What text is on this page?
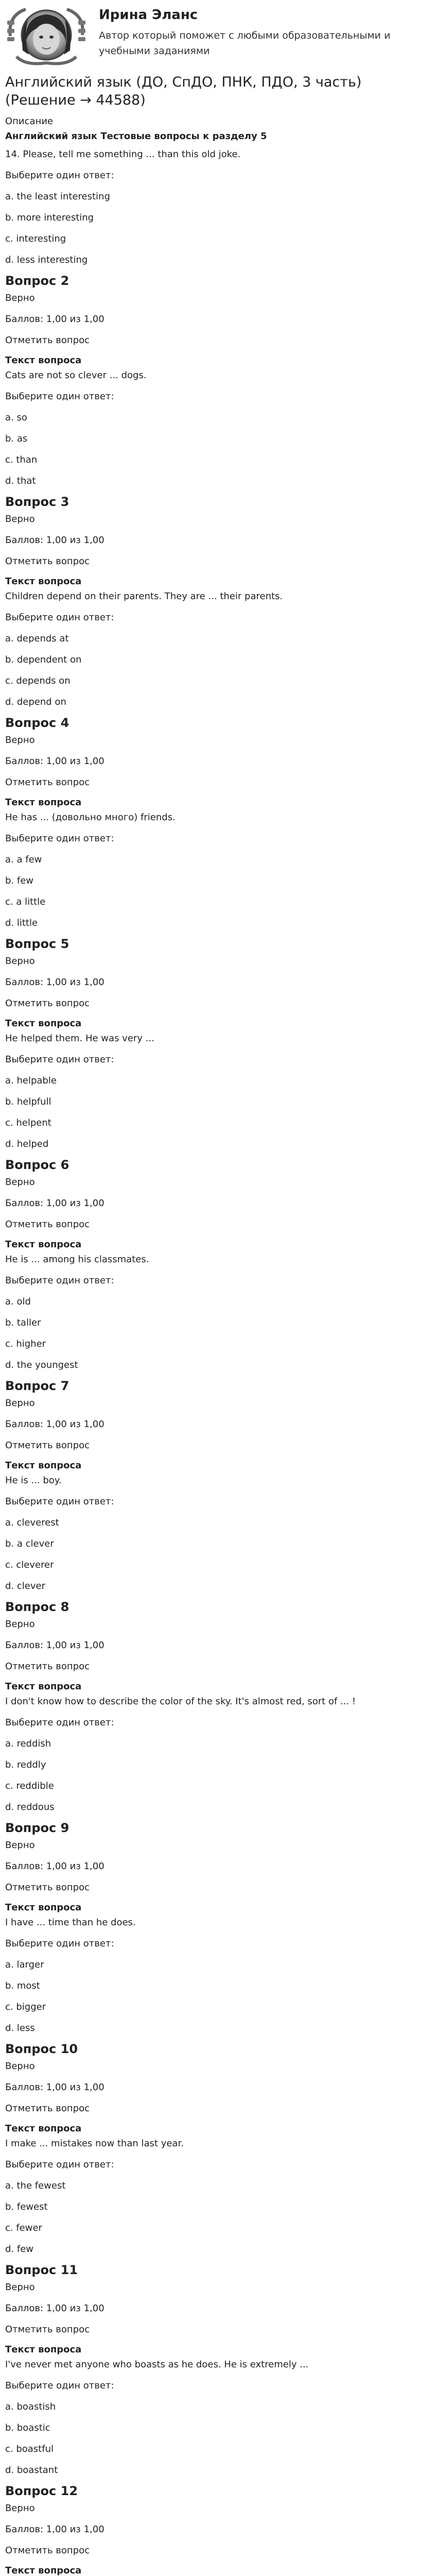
Ирина Эланс
Автор который поможет с любыми образовательными и учебными заданиями
Английский язык (ДО, СпДО, ПНК, ПДО, 3 часть) (Решение → 44588)
Описание
Английский язык Тестовые вопросы к разделу 5
14. Please, tell me something ... than this old joke.
Выберите один ответ:
a. the least interesting
b. more interesting
c. interesting
d. less interesting
Вопрос 2
Верно
Баллов: 1,00 из 1,00
Отметить вопрос
Текст вопроса
Cats are not so clever ... dogs.
Выберите один ответ:
a. so
b. as
c. than
d. that
Вопрос 3
Верно
Баллов: 1,00 из 1,00
Отметить вопрос
Текст вопроса
Children depend on their parents. They are ... their parents.
Выберите один ответ:
a. depends at
b. dependent on
c. depends on
d. depend on
Вопрос 4
Верно
Баллов: 1,00 из 1,00
Отметить вопрос
Текст вопроса
He has ... (довольно много) friends.
Выберите один ответ:
a. a few
b. few
c. a little
d. little
Вопрос 5
Верно
Баллов: 1,00 из 1,00
Отметить вопрос
Текст вопроса
He helped them. He was very ...
Выберите один ответ:
a. helpable
b. helpfull
c. helpent
d. helped
Вопрос 6
Верно
Баллов: 1,00 из 1,00
Отметить вопрос
Текст вопроса
He is ... among his classmates.
Выберите один ответ:
a. old
b. taller
c. higher
d. the youngest
Вопрос 7
Верно
Баллов: 1,00 из 1,00
Отметить вопрос
Текст вопроса
He is ... boy.
Выберите один ответ:
a. cleverest
b. a clever
c. cleverer
d. clever
Вопрос 8
Верно
Баллов: 1,00 из 1,00
Отметить вопрос
Текст вопроса
I don't know how to describe the color of the sky. It's almost red, sort of ... !
Выберите один ответ:
a. reddish
b. reddly
c. reddible
d. reddous
Вопрос 9
Верно
Баллов: 1,00 из 1,00
Отметить вопрос
Текст вопроса
I have ... time than he does.
Выберите один ответ:
a. larger
b. most
c. bigger
d. less
Вопрос 10
Верно
Баллов: 1,00 из 1,00
Отметить вопрос
Текст вопроса
I make ... mistakes now than last year.
Выберите один ответ:
a. the fewest
b. fewest
c. fewer
d. few
Вопрос 11
Верно
Баллов: 1,00 из 1,00
Отметить вопрос
Текст вопроса
I've never met anyone who boasts as he does. He is extremely ...
Выберите один ответ:
a. boastish
b. boastic
c. boastful
d. boastant
Вопрос 12
Верно
Баллов: 1,00 из 1,00
Отметить вопрос
Текст вопроса
